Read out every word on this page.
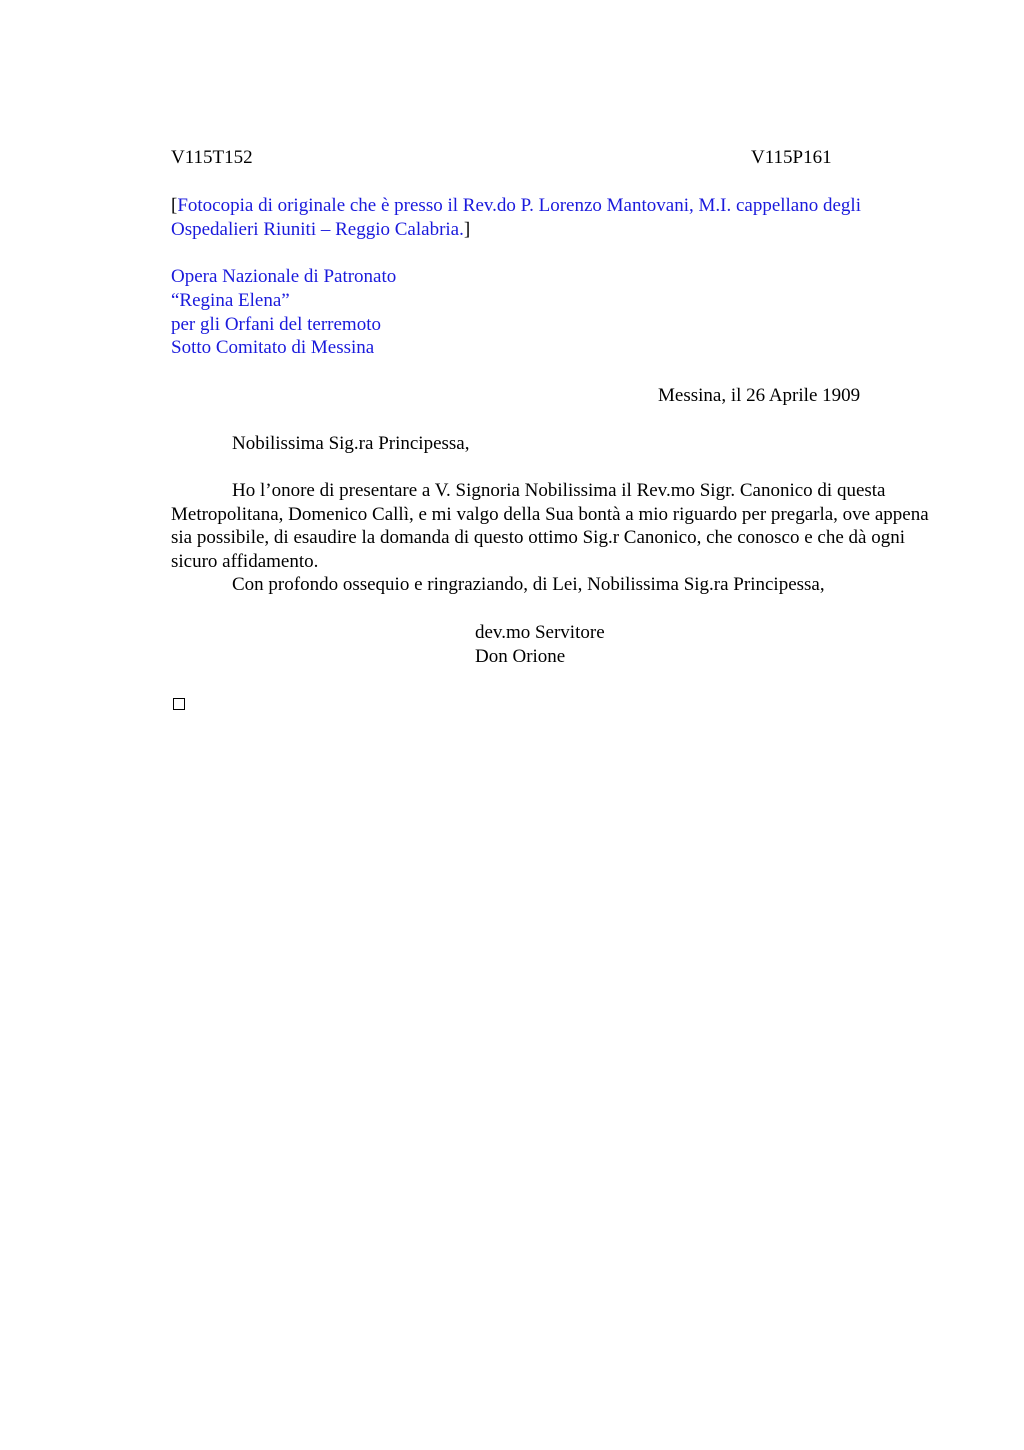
V115T152	V115P161
[Fotocopia di originale che è presso il Rev.do P. Lorenzo Mantovani, M.I. cappellano degli
Ospedalieri Riuniti – Reggio Calabria.]
Opera Nazionale di Patronato
“Regina Elena”
per gli Orfani del terremoto
Sotto Comitato di Messina
Messina, il 26 Aprile 1909
Nobilissima Sig.ra Principessa,

Ho l’onore di presentare a V. Signoria Nobilissima il Rev.mo Sigr. Canonico di questa Metropolitana, Domenico Callì, e mi valgo della Sua bontà a mio riguardo per pregarla, ove appena sia possibile, di esaudire la domanda di questo ottimo Sig.r Canonico, che conosco e che dà ogni sicuro affidamento.

Con profondo ossequio e ringraziando, di Lei, Nobilissima Sig.ra Principessa,

dev.mo Servitore
Don Orione
